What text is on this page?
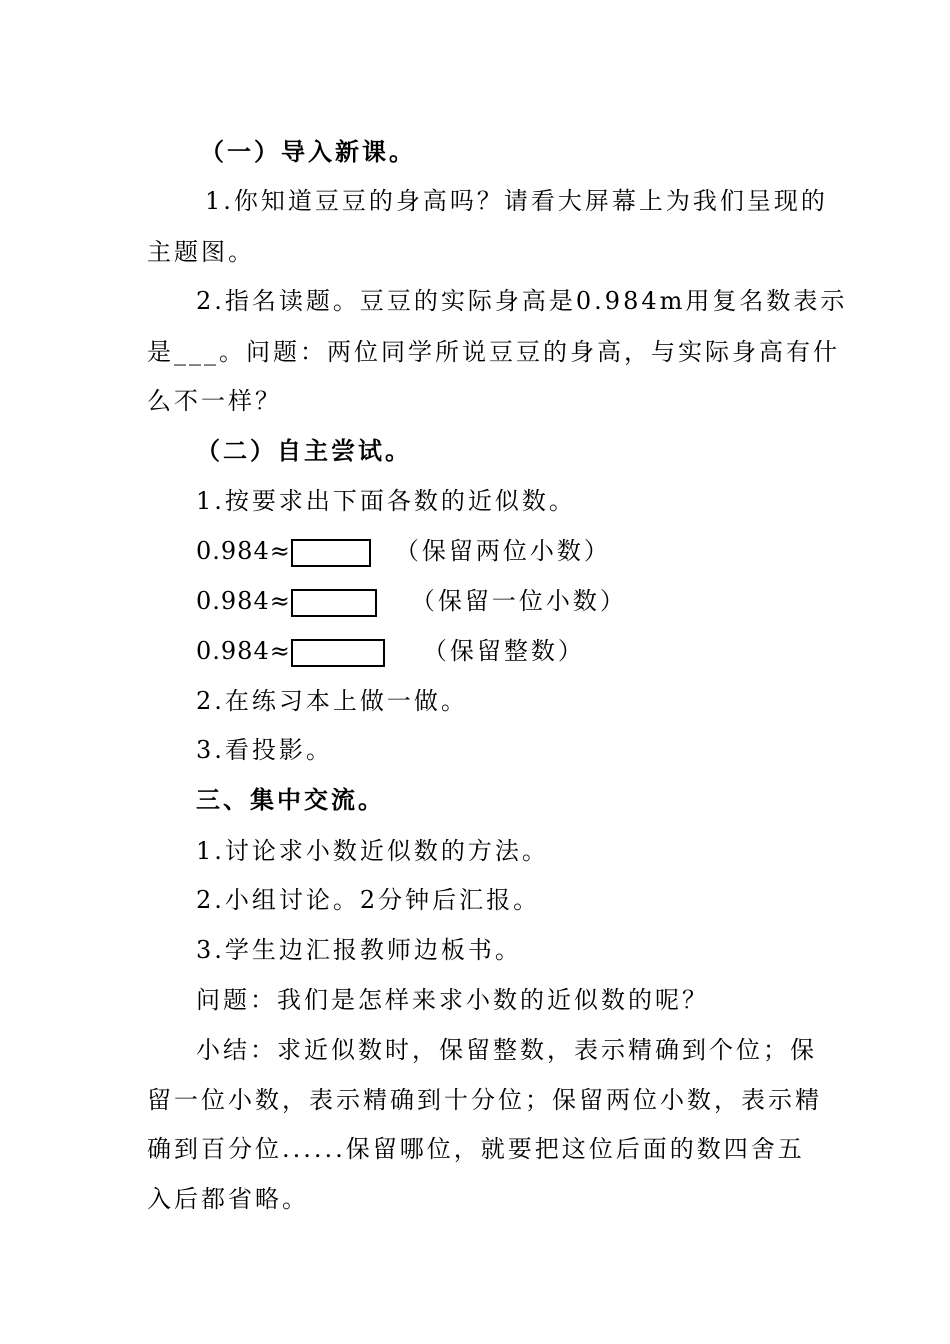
（一）导入新课。
1.你知道豆豆的身高吗？请看大屏幕上为我们呈现的
主题图。
2.指名读题。豆豆的实际身高是0.984m用复名数表示
是___。问题：两位同学所说豆豆的身高，与实际身高有什
么不一样？
（二）自主尝试。
1.按要求出下面各数的近似数。
0.984≈	（保留两位小数）
0.984≈	（保留一位小数）
0.984≈	（保留整数）
2.在练习本上做一做。
3.看投影。
三、集中交流。
1.讨论求小数近似数的方法。
2.小组讨论。2分钟后汇报。
3.学生边汇报教师边板书。
问题：我们是怎样来求小数的近似数的呢？
小结：求近似数时，保留整数，表示精确到个位；保
留一位小数，表示精确到十分位；保留两位小数，表示精
确到百分位......保留哪位，就要把这位后面的数四舍五
入后都省略。
